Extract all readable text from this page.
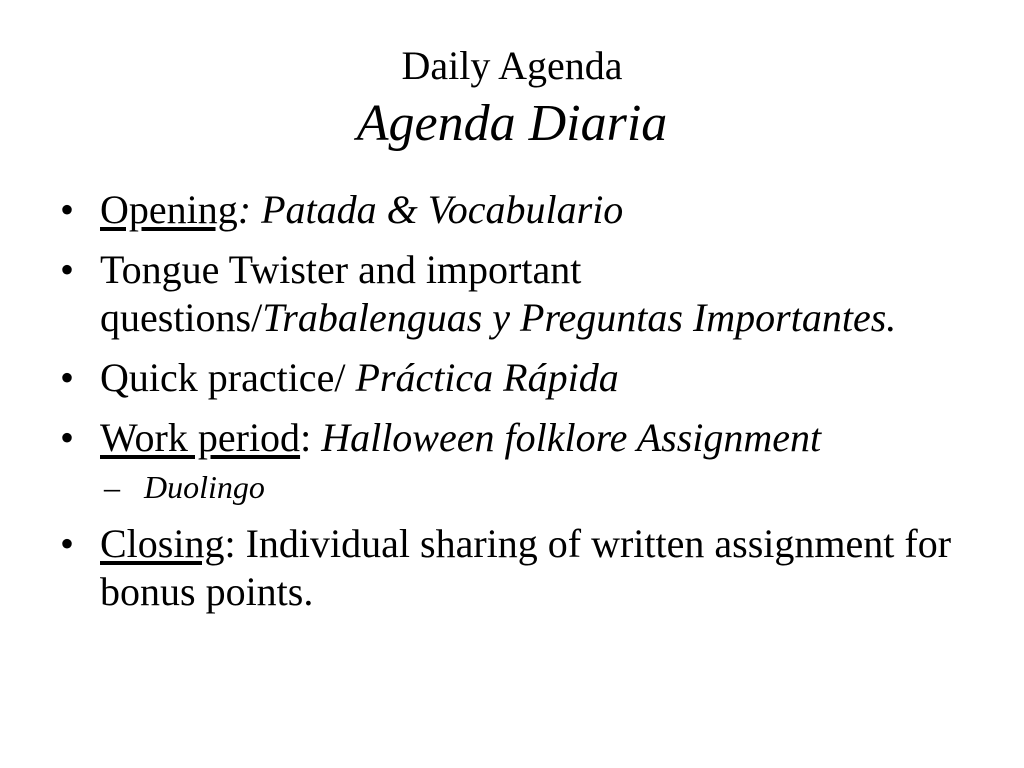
Daily Agenda
Agenda Diaria
• Opening: Patada & Vocabulario
• Tongue Twister and important questions/Trabalenguas y Preguntas Importantes.
• Quick practice/ Práctica Rápida
• Work period: Halloween folklore Assignment
– Duolingo
• Closing: Individual sharing of written assignment for bonus points.
